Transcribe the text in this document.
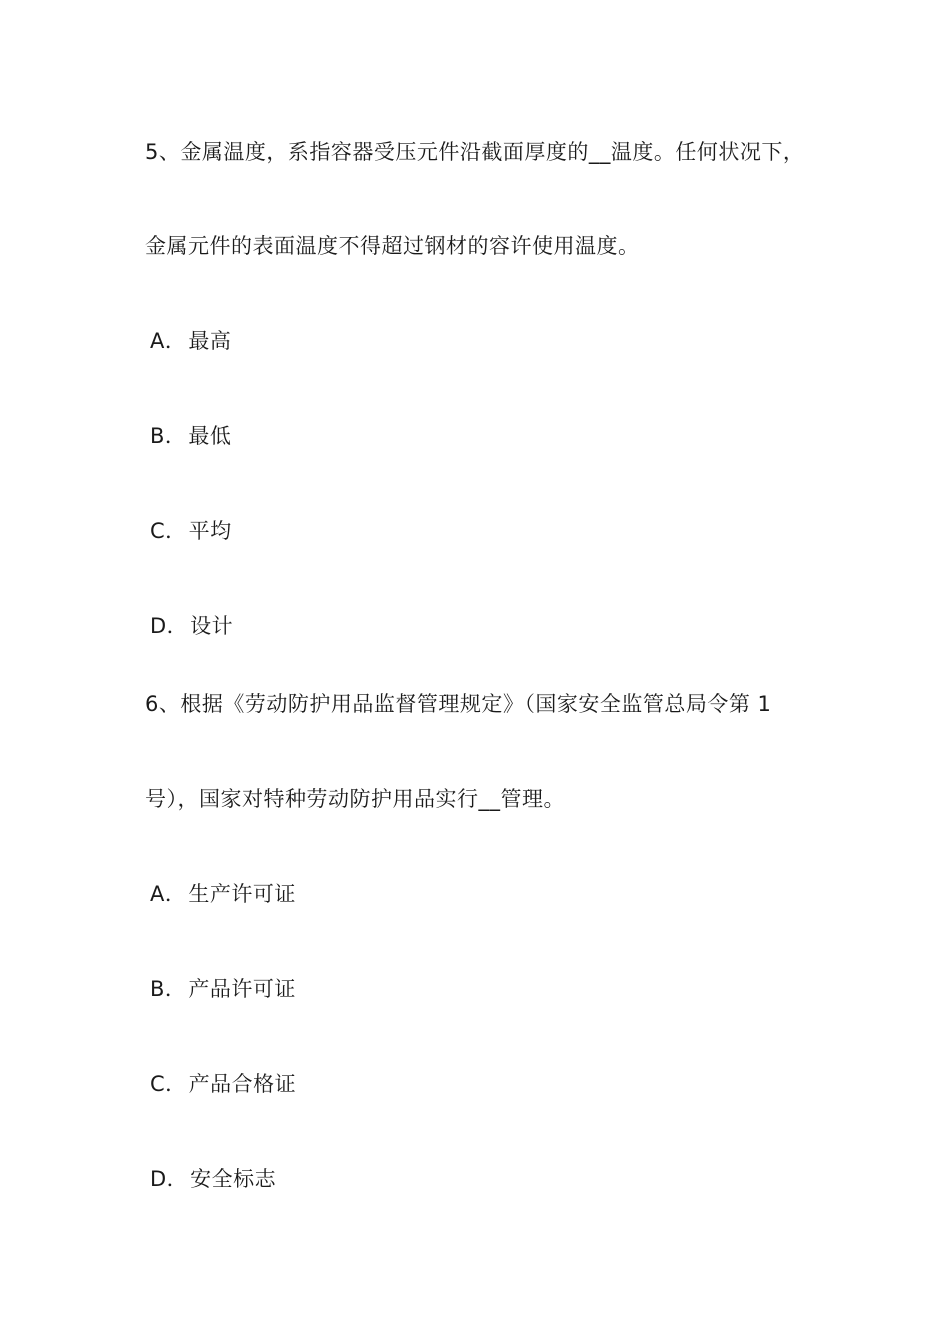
5、金属温度，系指容器受压元件沿截面厚度的__温度。任何状况下，
金属元件的表面温度不得超过钢材的容许使用温度。
A．最高
B．最低
C．平均
D．设计
6、根据《劳动防护用品监督管理规定》（国家安全监管总局令第 1
号），国家对特种劳动防护用品实行__管理。
A．生产许可证
B．产品许可证
C．产品合格证
D．安全标志
